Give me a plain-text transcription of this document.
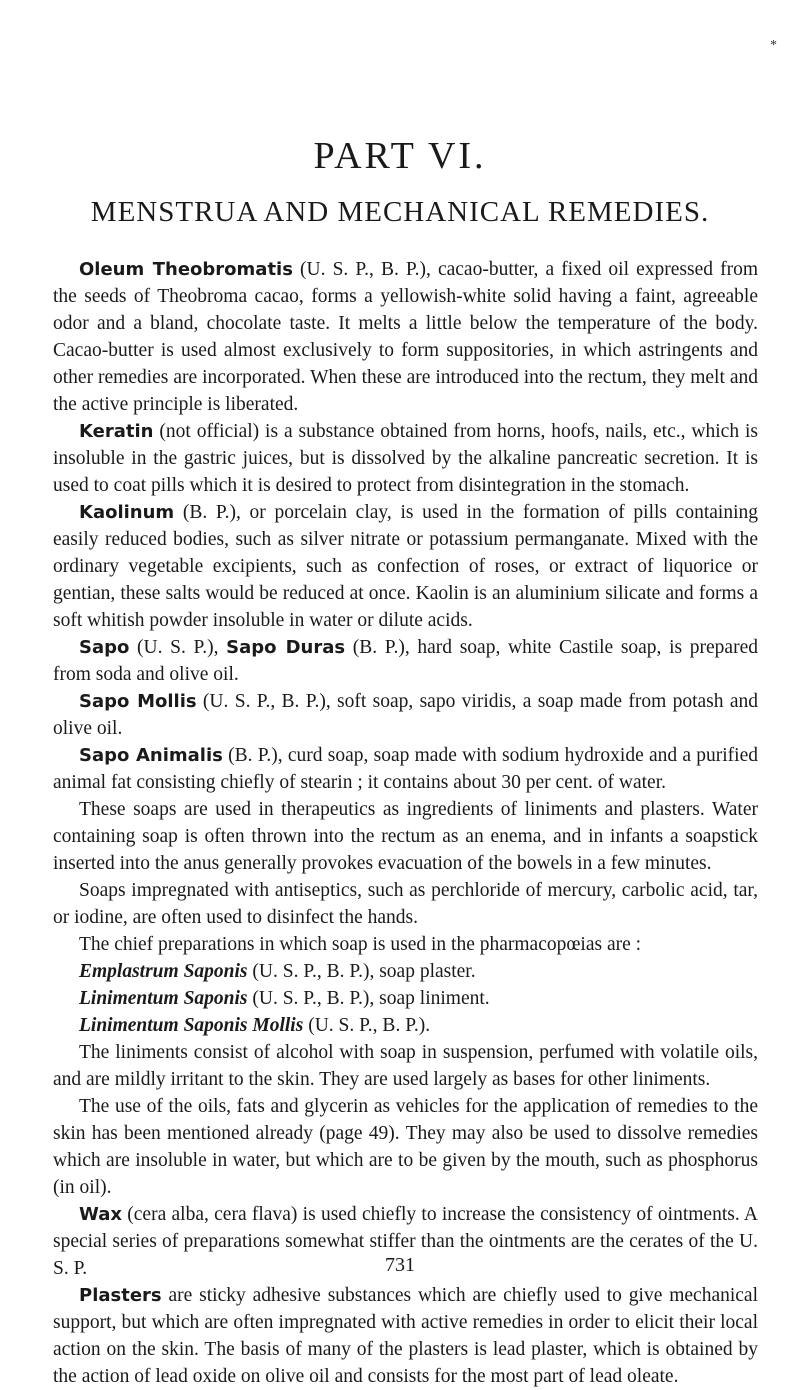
*
PART VI.
MENSTRUA AND MECHANICAL REMEDIES.

Oleum Theobromatis (U. S. P., B. P.), cacao-butter, a fixed oil expressed from the seeds of Theobroma cacao, forms a yellowish-white solid having a faint, agreeable odor and a bland, chocolate taste. It melts a little below the temperature of the body. Cacao-butter is used almost exclusively to form suppositories, in which astringents and other remedies are incorporated. When these are introduced into the rectum, they melt and the active principle is liberated.

Keratin (not official) is a substance obtained from horns, hoofs, nails, etc., which is insoluble in the gastric juices, but is dissolved by the alkaline pancreatic secretion. It is used to coat pills which it is desired to protect from disintegration in the stomach.

Kaolinum (B. P.), or porcelain clay, is used in the formation of pills containing easily reduced bodies, such as silver nitrate or potassium permanganate. Mixed with the ordinary vegetable excipients, such as confection of roses, or extract of liquorice or gentian, these salts would be reduced at once. Kaolin is an aluminium silicate and forms a soft whitish powder insoluble in water or dilute acids.

Sapo (U. S. P.), Sapo Duras (B. P.), hard soap, white Castile soap, is prepared from soda and olive oil.

Sapo Mollis (U. S. P., B. P.), soft soap, sapo viridis, a soap made from potash and olive oil.

Sapo Animalis (B. P.), curd soap, soap made with sodium hydroxide and a purified animal fat consisting chiefly of stearin ; it contains about 30 per cent. of water.

These soaps are used in therapeutics as ingredients of liniments and plasters. Water containing soap is often thrown into the rectum as an enema, and in infants a soapstick inserted into the anus generally provokes evacuation of the bowels in a few minutes.

Soaps impregnated with antiseptics, such as perchloride of mercury, carbolic acid, tar, or iodine, are often used to disinfect the hands.

The chief preparations in which soap is used in the pharmacopœias are :

Emplastrum Saponis (U. S. P., B. P.), soap plaster.

Linimentum Saponis (U. S. P., B. P.), soap liniment.

Linimentum Saponis Mollis (U. S. P., B. P.).

The liniments consist of alcohol with soap in suspension, perfumed with volatile oils, and are mildly irritant to the skin. They are used largely as bases for other liniments.

The use of the oils, fats and glycerin as vehicles for the application of remedies to the skin has been mentioned already (page 49). They may also be used to dissolve remedies which are insoluble in water, but which are to be given by the mouth, such as phosphorus (in oil).

Wax (cera alba, cera flava) is used chiefly to increase the consistency of ointments. A special series of preparations somewhat stiffer than the ointments are the cerates of the U. S. P.

Plasters are sticky adhesive substances which are chiefly used to give mechanical support, but which are often impregnated with active remedies in order to elicit their local action on the skin. The basis of many of the plasters is lead plaster, which is obtained by the action of lead oxide on olive oil and consists for the most part of lead oleate.

731
